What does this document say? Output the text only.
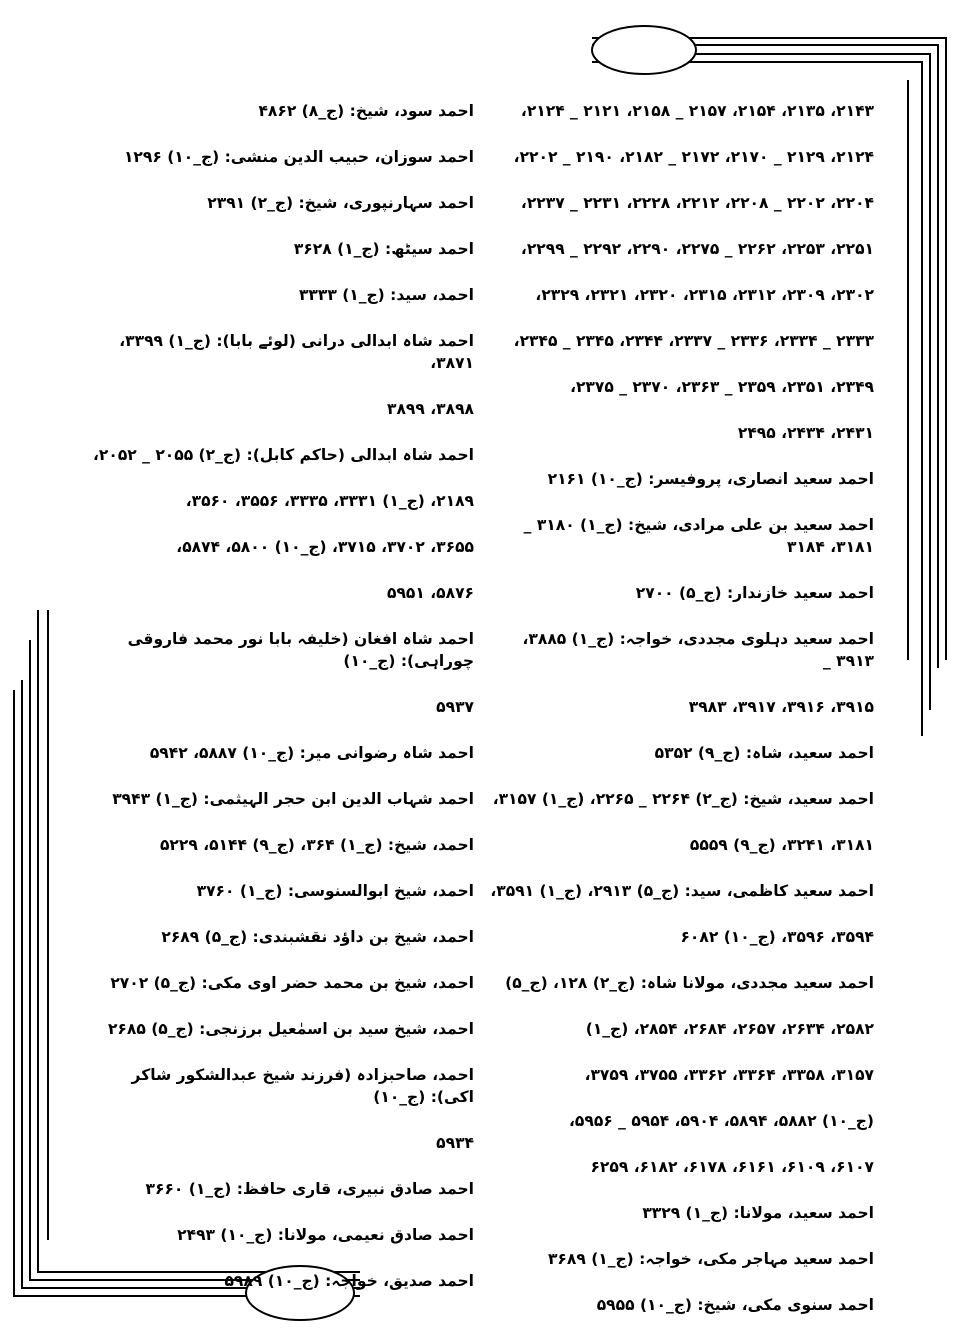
۲۱۴۳، ۲۱۳۵، ۲۱۵۴، ۲۱۵۷ _ ۲۱۵۸، ۲۱۲۱ _ ۲۱۲۴،
۲۱۲۴، ۲۱۲۹ _ ۲۱۷۰، ۲۱۷۲ _ ۲۱۸۲، ۲۱۹۰ _ ۲۲۰۲،
۲۲۰۴، ۲۲۰۲ _ ۲۲۰۸، ۲۲۱۲، ۲۲۲۸، ۲۲۳۱ _ ۲۲۳۷،
۲۲۵۱، ۲۲۵۳، ۲۲۶۲ _ ۲۲۷۵، ۲۲۹۰، ۲۲۹۲ _ ۲۲۹۹،
۲۳۰۲، ۲۳۰۹، ۲۳۱۲، ۲۳۱۵، ۲۳۲۰، ۲۳۲۱، ۲۳۲۹،
۲۳۳۳ _ ۲۳۳۴، ۲۳۳۶ _ ۲۳۳۷، ۲۳۴۴، ۲۳۴۵ _ ۲۳۴۵،
۲۳۴۹، ۲۳۵۱، ۲۳۵۹ _ ۲۳۶۳، ۲۳۷۰ _ ۲۳۷۵،
۲۴۳۱، ۲۴۳۴، ۲۴۹۵
احمد سعید انصاری، پروفیسر: (ج_۱۰) ۲۱۶۱
احمد سعید بن علی مرادی، شیخ: (ج_۱) ۳۱۸۰ _ ۳۱۸۱، ۳۱۸۴
احمد سعید خازندار: (ج_۵) ۲۷۰۰
احمد سعید دہلوی مجددی، خواجہ: (ج_۱) ۳۸۸۵، ۳۹۱۳ _
۳۹۱۵، ۳۹۱۶، ۳۹۱۷، ۳۹۸۳
احمد سعید، شاہ: (ج_۹) ۵۳۵۲
احمد سعید، شیخ: (ج_۲) ۲۲۶۴ _ ۲۲۶۵، (ج_۱) ۳۱۵۷،
۳۱۸۱، ۳۲۴۱، (ج_۹) ۵۵۵۹
احمد سعید کاظمی، سید: (ج_۵) ۲۹۱۳، (ج_۱) ۳۵۹۱،
۳۵۹۴، ۳۵۹۶، (ج_۱۰) ۶۰۸۲
احمد سعید مجددی، مولانا شاہ: (ج_۲) ۱۲۸، (ج_۵)
۲۵۸۲، ۲۶۳۴، ۲۶۵۷، ۲۶۸۴، ۲۸۵۴، (ج_۱)
۳۱۵۷، ۳۳۵۸، ۳۳۶۴، ۳۳۶۲، ۳۷۵۵، ۳۷۵۹،
(ج_۱۰) ۵۸۸۲، ۵۸۹۴، ۵۹۰۴، ۵۹۵۴ _ ۵۹۵۶،
۶۱۰۷، ۶۱۰۹، ۶۱۶۱، ۶۱۷۸، ۶۱۸۲، ۶۲۵۹
احمد سعید، مولانا: (ج_۱) ۳۳۲۹
احمد سعید مہاجر مکی، خواجہ: (ج_۱) ۳۶۸۹
احمد سنوی مکی، شیخ: (ج_۱۰) ۵۹۵۵
احمد سود، شیخ: (ج_۸) ۴۸۶۲
احمد سوزان، حبیب الدین منشی: (ج_۱۰) ۱۲۹۶
احمد سہارنپوری، شیخ: (ج_۲) ۲۳۹۱
احمد سیٹھ: (ج_۱) ۳۶۲۸
احمد، سید: (ج_۱) ۳۳۳۳
احمد شاہ ابدالی درانی (لوئے بابا): (ج_۱) ۳۳۹۹، ۳۸۷۱،
۳۸۹۸، ۳۸۹۹
احمد شاہ ابدالی (حاکم کابل): (ج_۲) ۲۰۵۵ _ ۲۰۵۲،
۲۱۸۹، (ج_۱) ۳۳۳۱، ۳۳۳۵، ۳۵۵۶، ۳۵۶۰،
۳۶۵۵، ۳۷۰۲، ۳۷۱۵، (ج_۱۰) ۵۸۰۰، ۵۸۷۴،
۵۸۷۶، ۵۹۵۱
احمد شاہ افغان (خلیفہ بابا نور محمد فاروقی چوراہی): (ج_۱۰)
۵۹۳۷
احمد شاہ رضوانی میر: (ج_۱۰) ۵۸۸۷، ۵۹۴۲
احمد شہاب الدین ابن حجر الہیثمی: (ج_۱) ۳۹۴۳
احمد، شیخ: (ج_۱) ۳۶۴، (ج_۹) ۵۱۴۴، ۵۲۲۹
احمد، شیخ ابوالسنوسی: (ج_۱) ۳۷۶۰
احمد، شیخ بن داؤد نقشبندی: (ج_۵) ۲۶۸۹
احمد، شیخ بن محمد حضر اوی مکی: (ج_۵) ۲۷۰۲
احمد، شیخ سید بن اسمٰعیل برزنجی: (ج_۵) ۲۶۸۵
احمد، صاحبزادہ (فرزند شیخ عبدالشکور شاکر اکی): (ج_۱۰)
۵۹۳۴
احمد صادق نبیری، قاری حافظ: (ج_۱) ۳۶۶۰
احمد صادق نعیمی، مولانا: (ج_۱۰) ۲۴۹۳
احمد صدیق، خواجہ: (ج_۱۰) ۵۹۸۹
